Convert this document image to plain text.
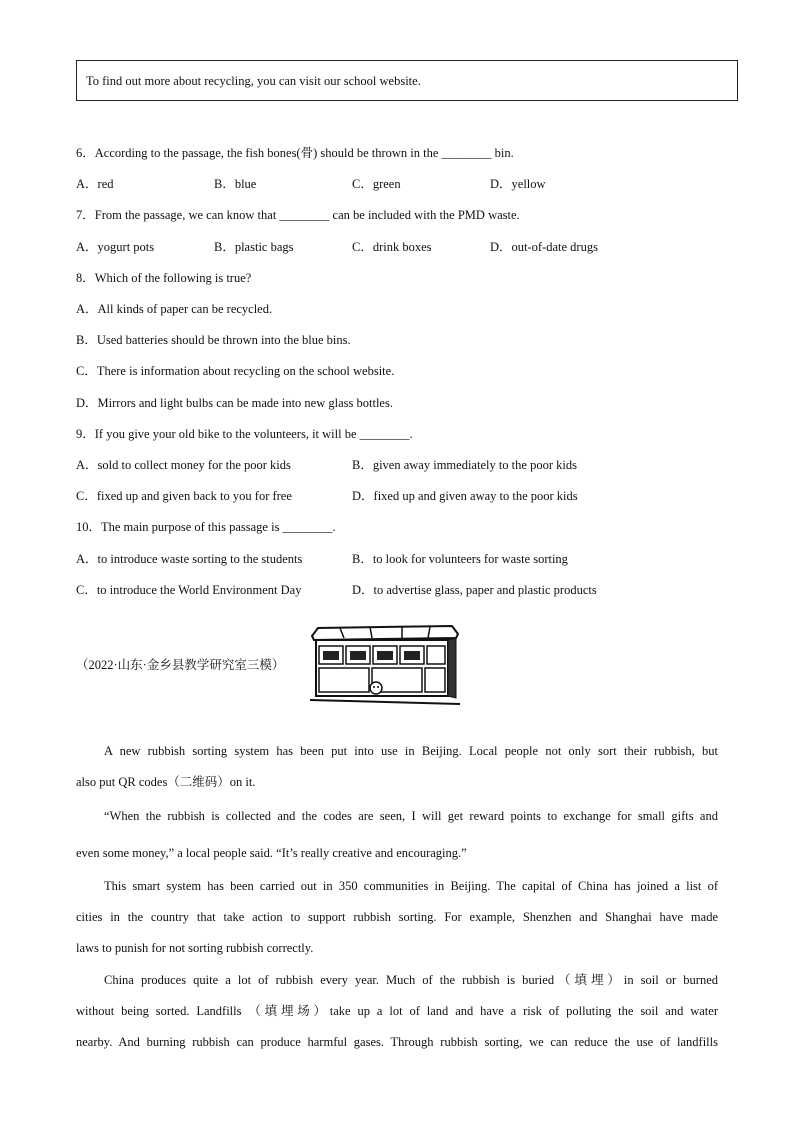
To find out more about recycling, you can visit our school website.
6．According to the passage, the fish bones(骨) should be thrown in the ________ bin.
A．red	B．blue	C．green	D．yellow
7．From the passage, we can know that ________ can be included with the PMD waste.
A．yogurt pots	B．plastic bags	C．drink boxes	D．out-of-date drugs
8．Which of the following is true?
A．All kinds of paper can be recycled.
B．Used batteries should be thrown into the blue bins.
C．There is information about recycling on the school website.
D．Mirrors and light bulbs can be made into new glass bottles.
9．If you give your old bike to the volunteers, it will be ________.
A．sold to collect money for the poor kids	B．given away immediately to the poor kids
C．fixed up and given back to you for free	D．fixed up and given away to the poor kids
10．The main purpose of this passage is ________.
A．to introduce waste sorting to the students	B．to look for volunteers for waste sorting
C．to introduce the World Environment Day	D．to advertise glass, paper and plastic products
（2022·山东·金乡县教学研究室三模）
A new rubbish sorting system has been put into use in Beijing. Local people not only sort their rubbish, but
also put QR codes（二维码）on it.
“When the rubbish is collected and the codes are seen, I will get reward points to exchange for small gifts and
even some money,” a local people said. “It’s really creative and encouraging.”
This smart system has been carried out in 350 communities in Beijing. The capital of China has joined a list of
cities in the country that take action to support rubbish sorting. For example, Shenzhen and Shanghai have made
laws to punish for not sorting rubbish correctly.
China produces quite a lot of rubbish every year. Much of the rubbish is buried（填埋）in soil or burned
without being sorted. Landfills （填埋场）take up a lot of land and have a risk of polluting the soil and water
nearby. And burning rubbish can produce harmful gases. Through rubbish sorting, we can reduce the use of landfills
